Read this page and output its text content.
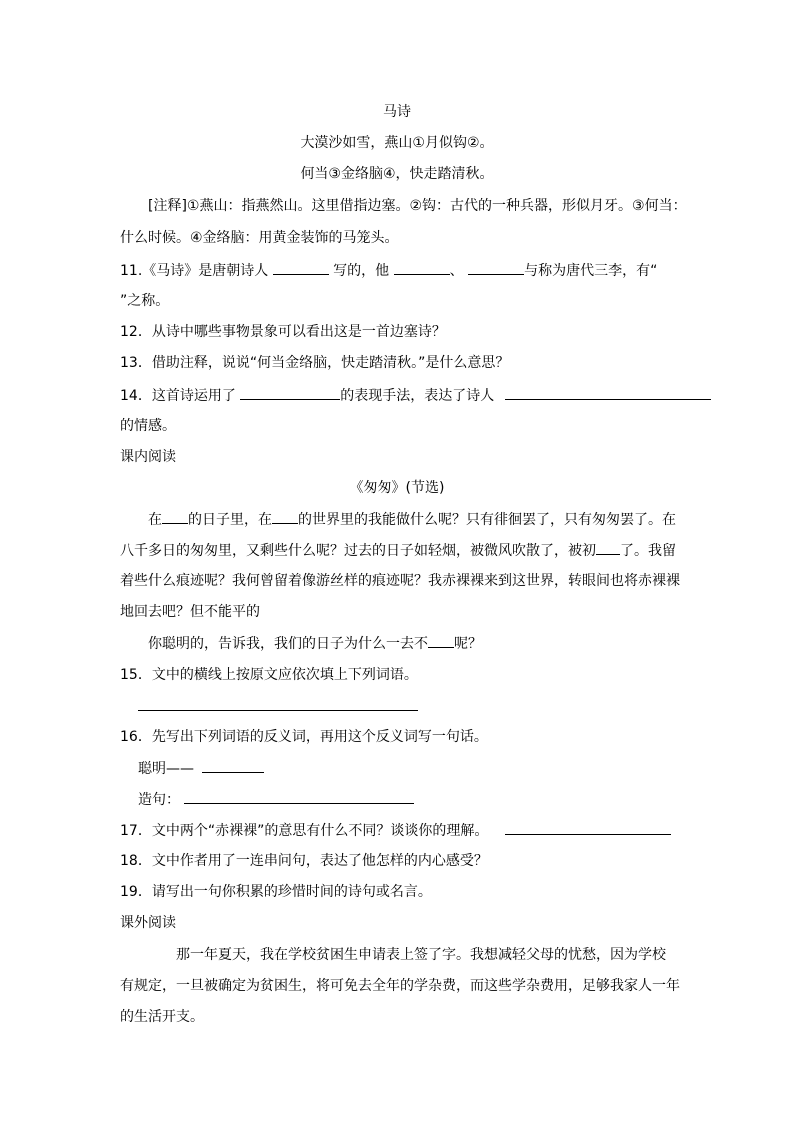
马诗
大漠沙如雪，燕山①月似钩②。
何当③金络脑④，快走踏清秋。
[注释]①燕山：指燕然山。这里借指边塞。②钩：古代的一种兵器，形似月牙。③何当：
什么时候。④金络脑：用黄金装饰的马笼头。
11.《马诗》是唐朝诗人	写的，他	、	与称为唐代三李，有“
”之称。
12．从诗中哪些事物景象可以看出这是一首边塞诗？
13．借助注释，说说“何当金络脑，快走踏清秋。”是什么意思？
14．这首诗运用了	的表现手法，表达了诗人
的情感。
课内阅读
《匆匆》(节选)
在 的日子里，在 的世界里的我能做什么呢？只有徘徊罢了，只有匆匆罢了。在
八千多日的匆匆里，又剩些什么呢？过去的日子如轻烟，被微风吹散了，被初 了。我留
着些什么痕迹呢？我何曾留着像游丝样的痕迹呢？我赤裸裸来到这世界，转眼间也将赤裸裸
地回去吧？但不能平的
你聪明的，告诉我，我们的日子为什么一去不 呢？
15．文中的横线上按原文应依次填上下列词语。
16．先写出下列词语的反义词，再用这个反义词写一句话。
聪明——
造句：
17．文中两个“赤裸裸”的意思有什么不同？谈谈你的理解。
18．文中作者用了一连串问句，表达了他怎样的内心感受？
19．请写出一句你积累的珍惜时间的诗句或名言。
课外阅读
那一年夏天，我在学校贫困生申请表上签了字。我想减轻父母的忧愁，因为学校
有规定，一旦被确定为贫困生，将可免去全年的学杂费，而这些学杂费用，足够我家人一年
的生活开支。
